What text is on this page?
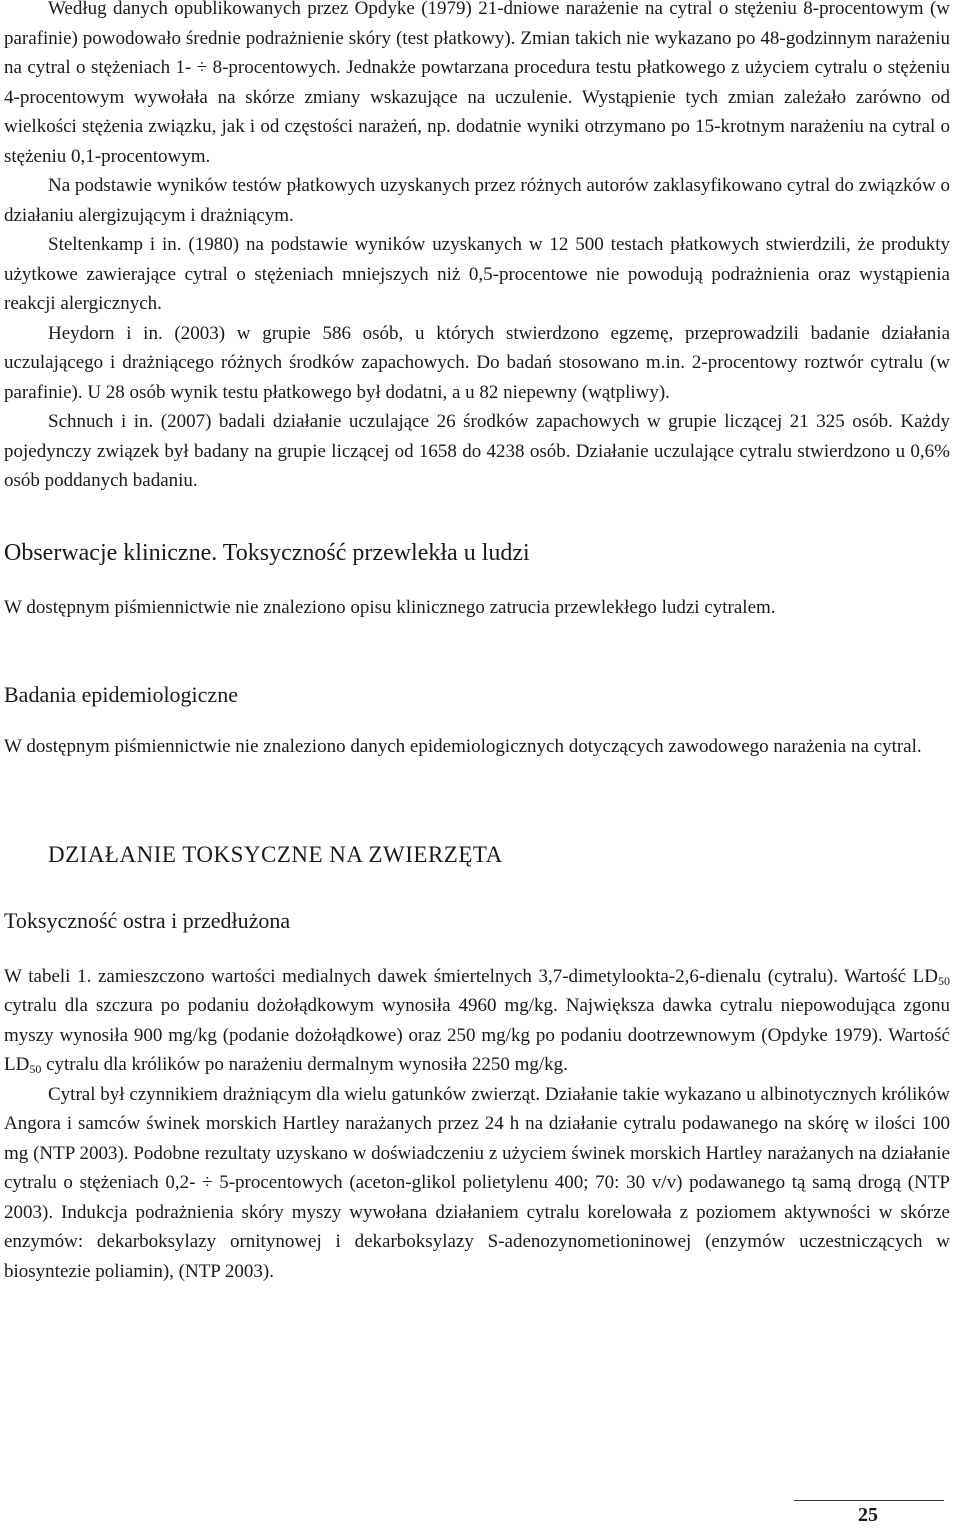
Według danych opublikowanych przez Opdyke (1979) 21-dniowe narażenie na cytral o stężeniu 8-procentowym (w parafinie) powodowało średnie podrażnienie skóry (test płatkowy). Zmian takich nie wykazano po 48-godzinnym narażeniu na cytral o stężeniach 1- ÷ 8-procentowych. Jednakże powtarzana procedura testu płatkowego z użyciem cytralu o stężeniu 4-procentowym wywołała na skórze zmiany wskazujące na uczulenie. Wystąpienie tych zmian zależało zarówno od wielkości stężenia związku, jak i od częstości narażeń, np. dodatnie wyniki otrzymano po 15-krotnym narażeniu na cytral o stężeniu 0,1-procentowym.

Na podstawie wyników testów płatkowych uzyskanych przez różnych autorów zaklasyfikowano cytral do związków o działaniu alergizującym i drażniącym.

Steltenkamp i in. (1980) na podstawie wyników uzyskanych w 12 500 testach płatkowych stwierdzili, że produkty użytkowe zawierające cytral o stężeniach mniejszych niż 0,5-procentowe nie powodują podrażnienia oraz wystąpienia reakcji alergicznych.

Heydorn i in. (2003) w grupie 586 osób, u których stwierdzono egzemę, przeprowadzili badanie działania uczulającego i drażniącego różnych środków zapachowych. Do badań stosowano m.in. 2-procentowy roztwór cytralu (w parafinie). U 28 osób wynik testu płatkowego był dodatni, a u 82 niepewny (wątpliwy).

Schnuch i in. (2007) badali działanie uczulające 26 środków zapachowych w grupie liczącej 21 325 osób. Każdy pojedynczy związek był badany na grupie liczącej od 1658 do 4238 osób. Działanie uczulające cytralu stwierdzono u 0,6% osób poddanych badaniu.

Obserwacje kliniczne. Toksyczność przewlekła u ludzi

W dostępnym piśmiennictwie nie znaleziono opisu klinicznego zatrucia przewlekłego ludzi cytralem.

Badania epidemiologiczne

W dostępnym piśmiennictwie nie znaleziono danych epidemiologicznych dotyczących zawodowego narażenia na cytral.

DZIAŁANIE TOKSYCZNE NA ZWIERZĘTA
Toksyczność ostra i przedłużona

W tabeli 1. zamieszczono wartości medialnych dawek śmiertelnych 3,7-dimetylookta-2,6-dienalu (cytralu). Wartość $LD_{50}$ cytralu dla szczura po podaniu dożołądkowym wynosiła 4960 mg/kg. Największa dawka cytralu niepowodująca zgonu myszy wynosiła 900 mg/kg (podanie dożołądkowe) oraz 250 mg/kg po podaniu dootrzewnowym (Opdyke 1979). Wartość $LD_{50}$ cytralu dla królików po narażeniu dermalnym wynosiła 2250 mg/kg.

Cytral był czynnikiem drażniącym dla wielu gatunków zwierząt. Działanie takie wykazano u albinotycznych królików Angora i samców świnek morskich Hartley narażanych przez 24 h na działanie cytralu podawanego na skórę w ilości 100 mg (NTP 2003). Podobne rezultaty uzyskano w doświadczeniu z użyciem świnek morskich Hartley narażanych na działanie cytralu o stężeniach 0,2- ÷ 5-procentowych (aceton-glikol polietylenu 400; 70: 30 v/v) podawanego tą samą drogą (NTP 2003). Indukcja podrażnienia skóry myszy wywołana działaniem cytralu korelowała z poziomem aktywności w skórze enzymów: dekarboksylazy ornitynowej i dekarboksylazy S-adenozynometioninowej (enzymów uczestniczących w biosyntezie poliamin), (NTP 2003).

25
